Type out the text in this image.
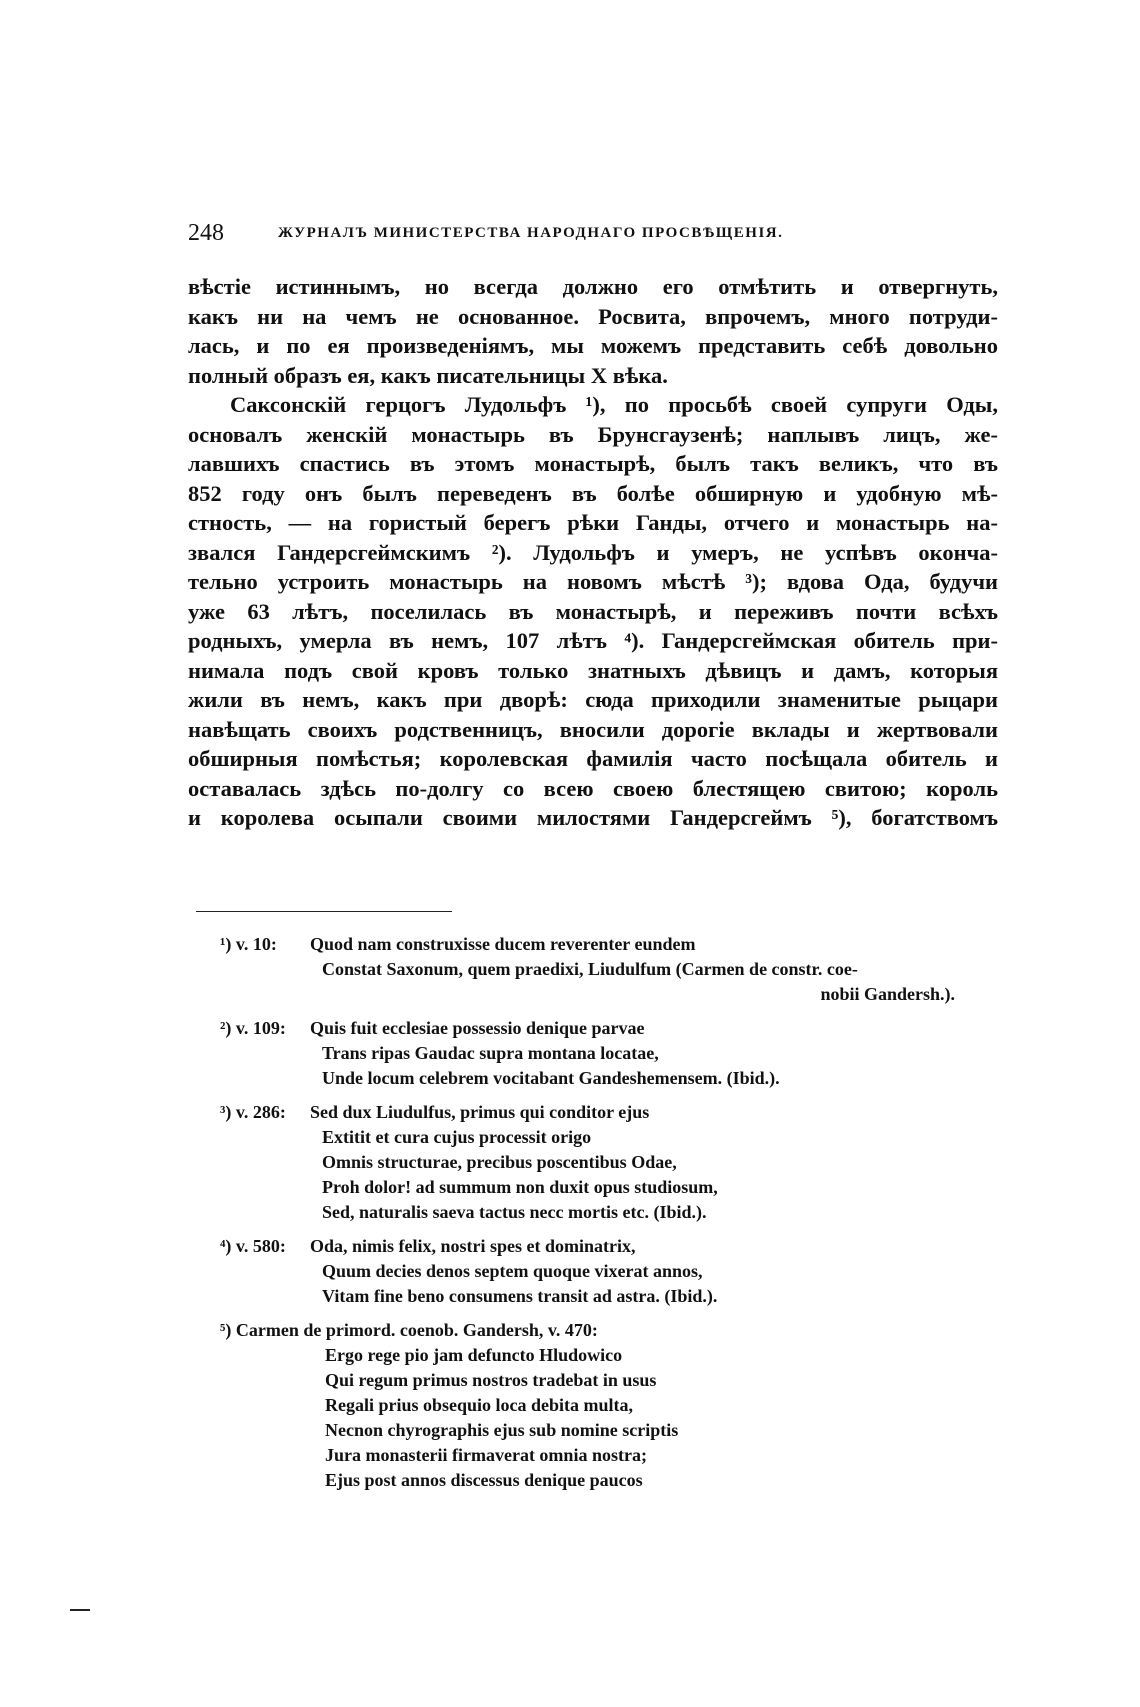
248	ЖУРНАЛЪ МИНИСТЕРСТВА НАРОДНАГО ПРОСВѢЩЕНІЯ.
вѣстіе истиннымъ, но всегда должно его отмѣтить и отвергнуть,
какъ ни на чемъ не основанное. Росвита, впрочемъ, много потруди-
лась, и по ея произведеніямъ, мы можемъ представить себѣ довольно
полный образъ ея, какъ писательницы X вѣка.
Саксонскій герцогъ Лудольфъ ¹), по просьбѣ своей супруги Оды,
основалъ женскій монастырь въ Брунсгаузенѣ; наплывъ лицъ, же-
лавшихъ спастись въ этомъ монастырѣ, былъ такъ великъ, что въ
852 году онъ былъ переведенъ въ болѣе обширную и удобную мѣ-
стность, — на гористый берегъ рѣки Ганды, отчего и монастырь на-
звался Гандерсгеймскимъ ²). Лудольфъ и умеръ, не успѣвъ оконча-
тельно устроить монастырь на новомъ мѣстѣ ³); вдова Ода, будучи
уже 63 лѣтъ, поселилась въ монастырѣ, и переживъ почти всѣхъ
родныхъ, умерла въ немъ, 107 лѣтъ ⁴). Гандерсгеймская обитель при-
нимала подъ свой кровъ только знатныхъ дѣвицъ и дамъ, которыя
жили въ немъ, какъ при дворѣ: сюда приходили знаменитые рыцари
навѣщать своихъ родственницъ, вносили дорогіе вклады и жертвовали
обширныя помѣстья; королевская фамилія часто посѣщала обитель и
оставалась здѣсь по-долгу со всею своею блестящею свитою; король
и королева осыпали своими милостями Гандерсгеймъ ⁵), богатствомъ
¹) v. 10:	Quod nam construxisse ducem reverenter eundem
Constat Saxonum, quem praedixi, Liudulfum (Carmen de constr. coe-
nobii Gandersh.).
²) v. 109:	Quis fuit ecclesiae possessio denique parvae
Trans ripas Gaudac supra montana locatae,
Unde locum celebrem vocitabant Gandeshemensem. (Ibid.).
³) v. 286:	Sed dux Liudulfus, primus qui conditor ejus
Extitit et cura cujus processit origo
Omnis structurae, precibus poscentibus Odae,
Proh dolor! ad summum non duxit opus studiosum,
Sed, naturalis saeva tactus necc mortis etc. (Ibid.).
⁴) v. 580:	Oda, nimis felix, nostri spes et dominatrix,
Quum decies denos septem quoque vixerat annos,
Vitam fine beno consumens transit ad astra. (Ibid.).
⁵) Carmen de primord. coenob. Gandersh, v. 470:
Ergo rege pio jam defuncto Hludowico
Qui regum primus nostros tradebat in usus
Regali prius obsequio loca debita multa,
Necnon chyrographis ejus sub nomine scriptis
Jura monasterii firmaverat omnia nostra;
Ejus post annos discessus denique paucos
